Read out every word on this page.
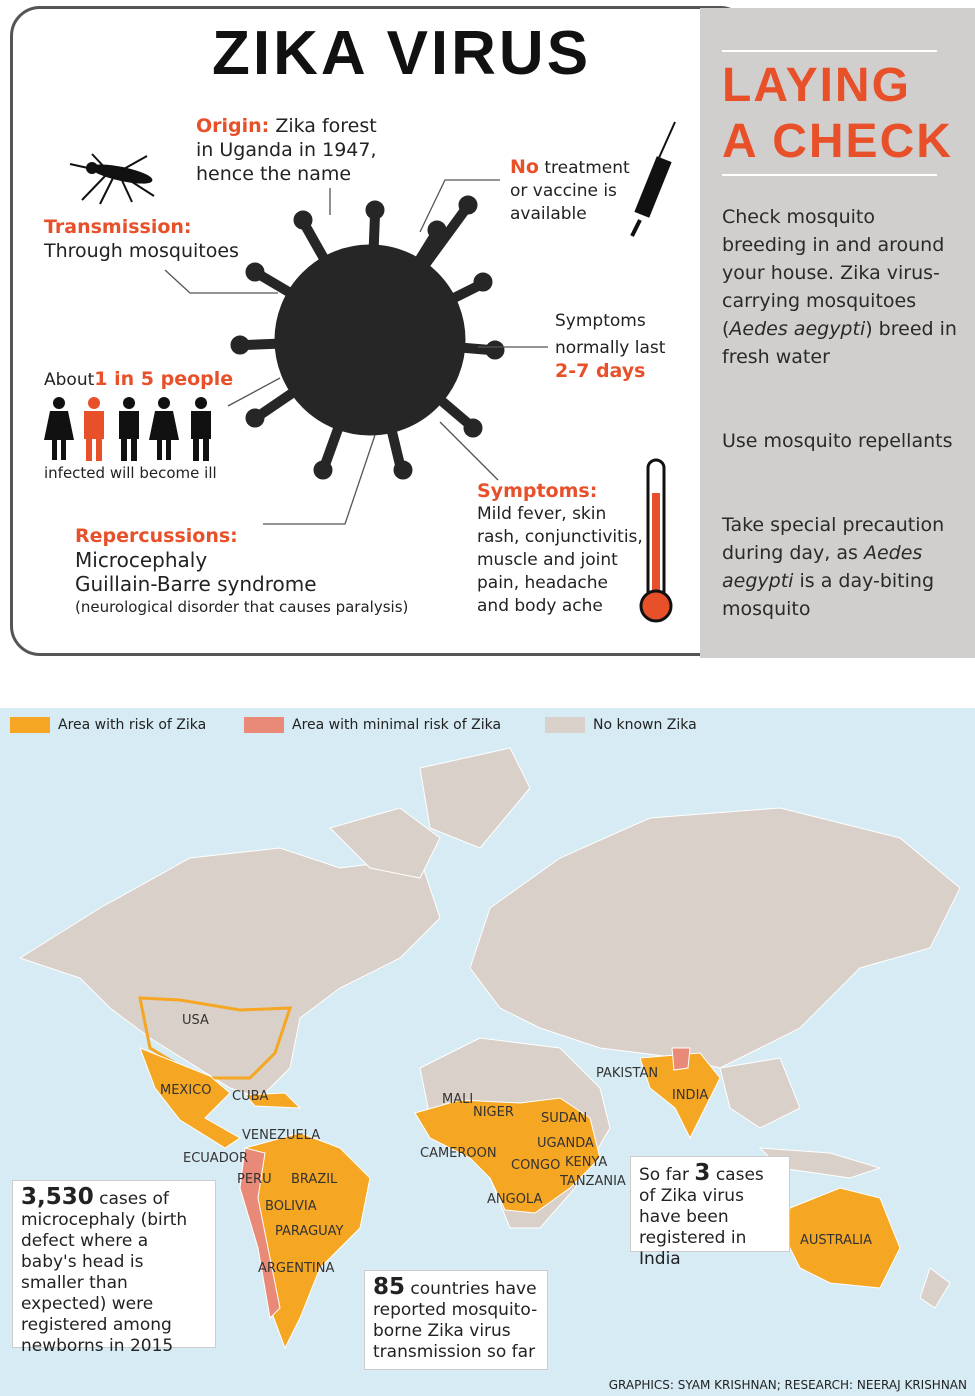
ZIKA VIRUS
Origin: Zika forest
in Uganda in 1947,
hence the name
Transmission:
Through mosquitoes
No treatment
or vaccine is
available
Symptoms
normally last
2-7 days
About1 in 5 people
infected will become ill
Repercussions:
Microcephaly
Guillain-Barre syndrome
(neurological disorder that causes paralysis)
Symptoms:
Mild fever, skin
rash, conjunctivitis,
muscle and joint
pain, headache
and body ache
LAYING
A CHECK

Check mosquito breeding in and around your house. Zika virus-carrying mosquitoes (Aedes aegypti) breed in fresh water

Use mosquito repellants

Take special precaution during day, as Aedes aegypti is a day-biting mosquito

Area with risk of Zika	Area with minimal risk of Zika	No known Zika
USA
MEXICO CUBA
VENEZUELA
ECUADOR
PERU BRAZIL
BOLIVIA
PARAGUAY
ARGENTINA
MALI
NIGER SUDAN
UGANDA
CAMEROON
CONGO KENYA
TANZANIA
ANGOLA
PAKISTAN
INDIA
AUSTRALIA
3,530 cases of microcephaly (birth defect where a baby's head is smaller than expected) were registered among newborns in 2015
85 countries have reported mosquito-borne Zika virus transmission so far
So far 3 cases of Zika virus have been registered in India
GRAPHICS: SYAM KRISHNAN; RESEARCH: NEERAJ KRISHNAN
